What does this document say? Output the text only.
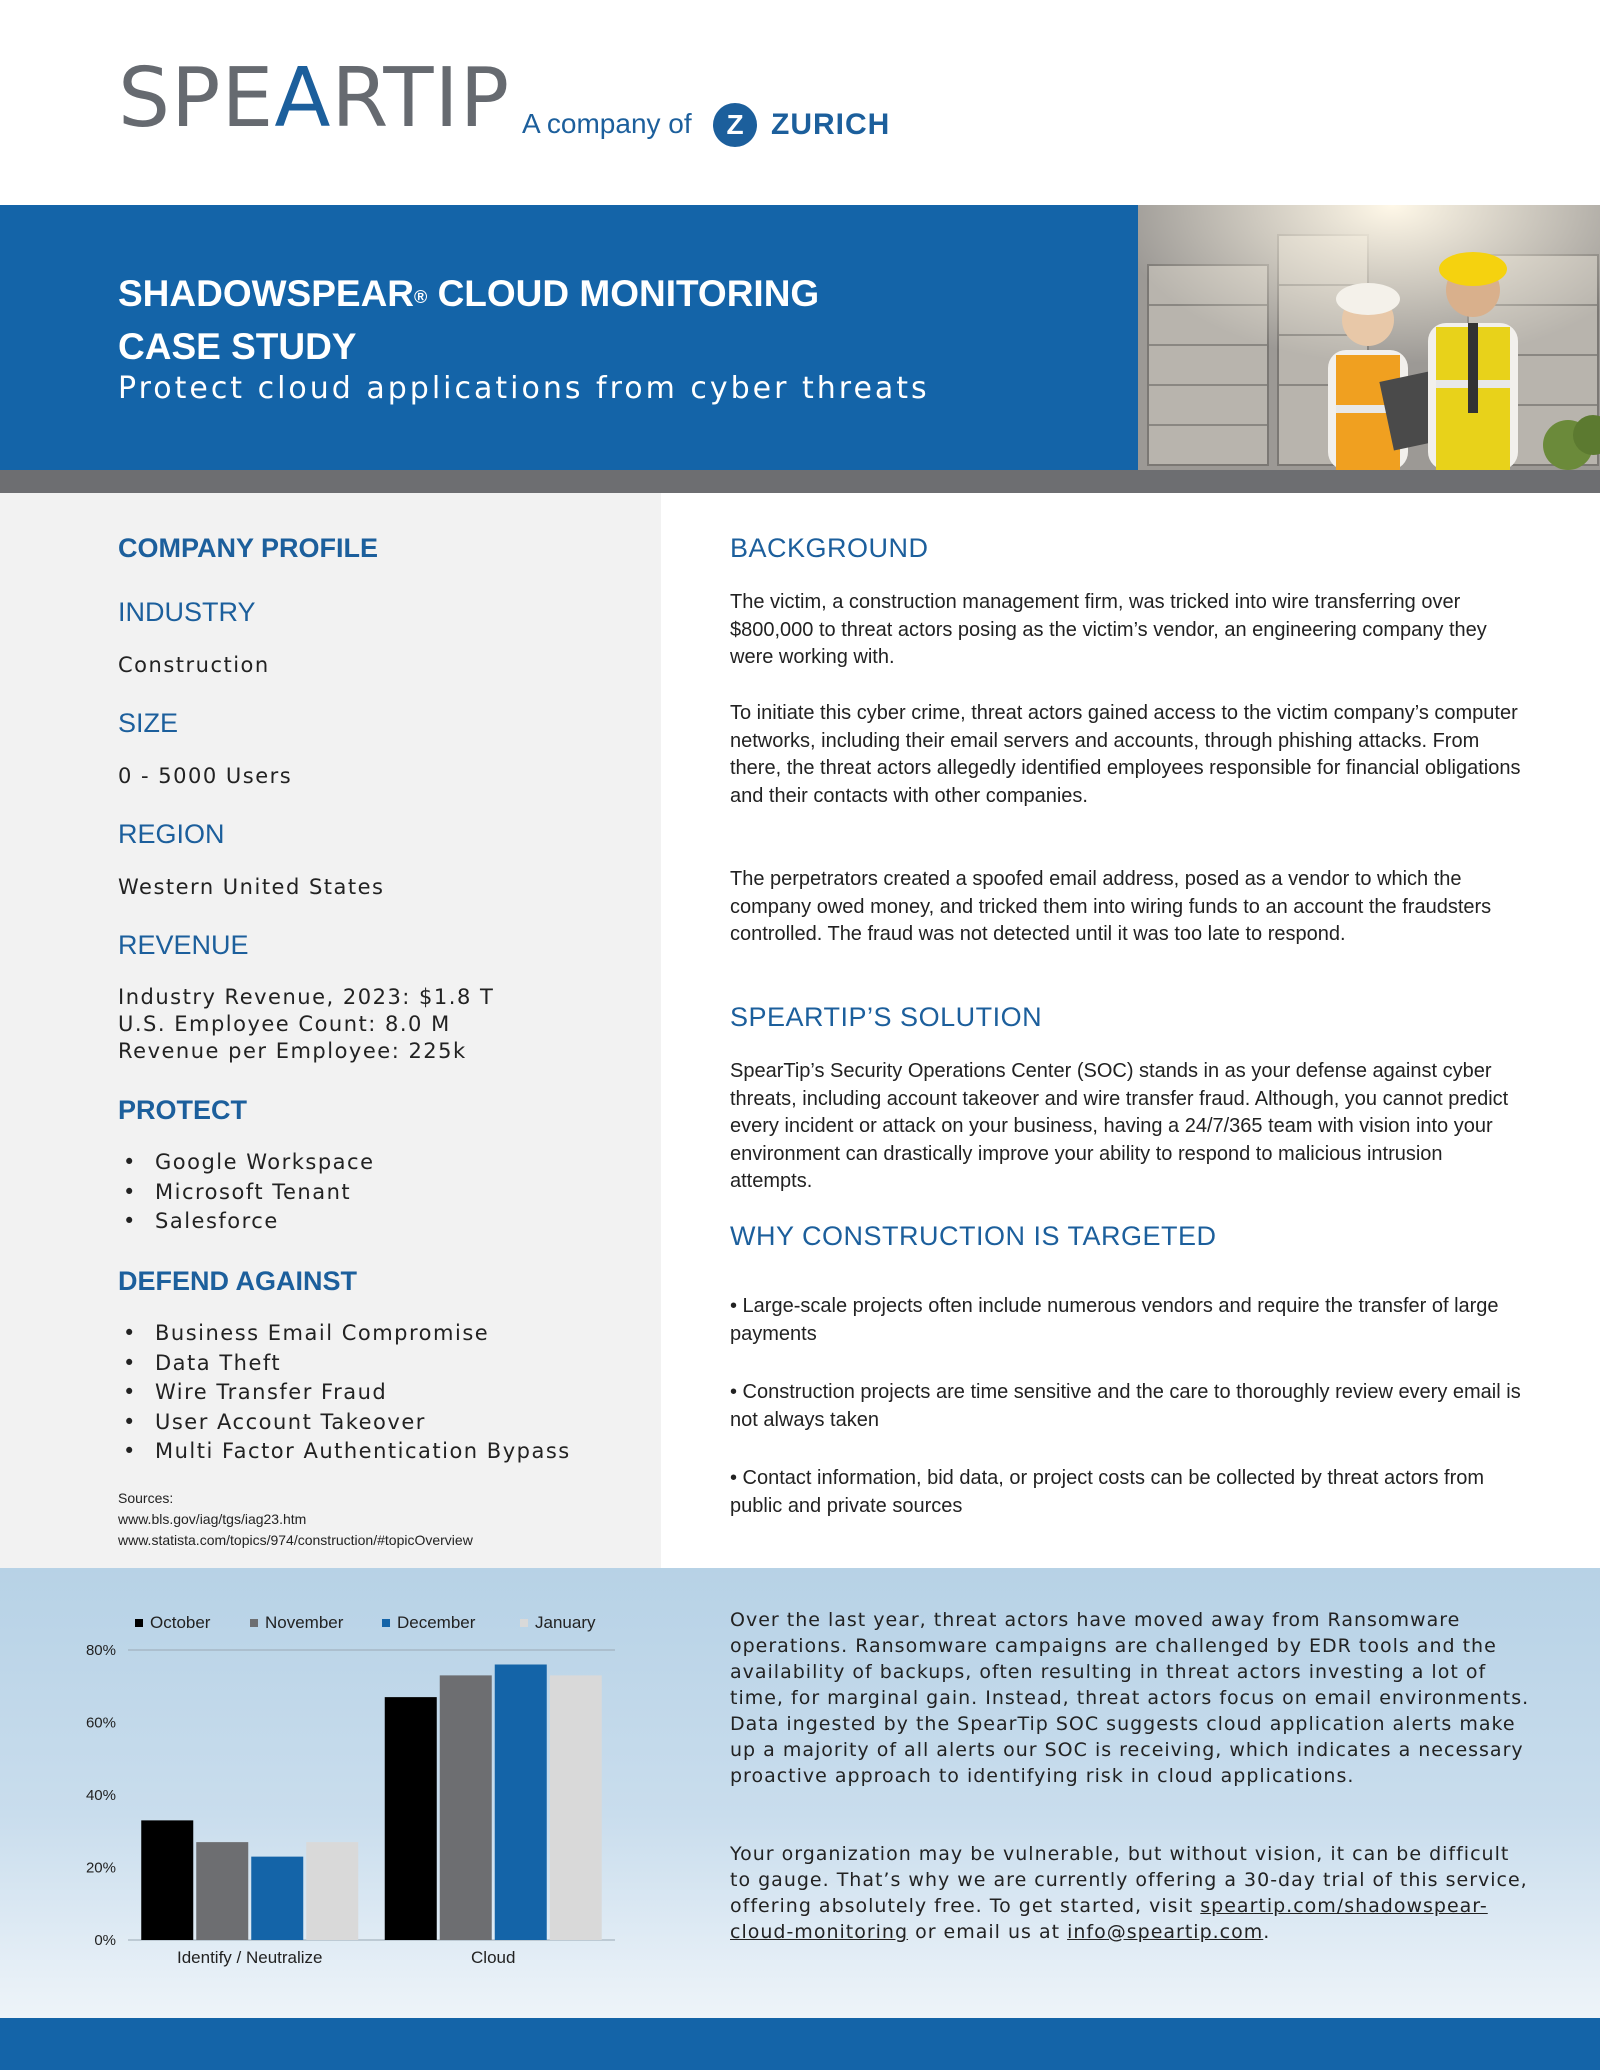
SPEARTIP A company of	Z ZURICH
SHADOWSPEAR® CLOUD MONITORING
CASE STUDY
Protect cloud applications from cyber threats
COMPANY PROFILE
INDUSTRY
Construction
SIZE
0 - 5000 Users
REGION
Western United States
REVENUE
Industry Revenue, 2023: $1.8 T
U.S. Employee Count: 8.0 M
Revenue per Employee: 225k
PROTECT
• Google Workspace
• Microsoft Tenant
• Salesforce
DEFEND AGAINST
• Business Email Compromise
• Data Theft
• Wire Transfer Fraud
• User Account Takeover
• Multi Factor Authentication Bypass
Sources:
www.bls.gov/iag/tgs/iag23.htm
www.statista.com/topics/974/construction/#topicOverview
BACKGROUND
The victim, a construction management firm, was tricked into wire transferring over $800,000 to threat actors posing as the victim’s vendor, an engineering company they were working with.
To initiate this cyber crime, threat actors gained access to the victim company’s computer networks, including their email servers and accounts, through phishing attacks. From there, the threat actors allegedly identified employees responsible for financial obligations and their contacts with other companies.
The perpetrators created a spoofed email address, posed as a vendor to which the company owed money, and tricked them into wiring funds to an account the fraudsters controlled. The fraud was not detected until it was too late to respond.
SPEARTIP’S SOLUTION
SpearTip’s Security Operations Center (SOC) stands in as your defense against cyber threats, including account takeover and wire transfer fraud. Although, you cannot predict every incident or attack on your business, having a 24/7/365 team with vision into your environment can drastically improve your ability to respond to malicious intrusion attempts.
WHY CONSTRUCTION IS TARGETED
• Large-scale projects often include numerous vendors and require the transfer of large payments
• Construction projects are time sensitive and the care to thoroughly review every email is not always taken
• Contact information, bid data, or project costs can be collected by threat actors from public and private sources
0%
20%
40%
60%
80%
Identify / Neutralize	Cloud
October	November	December	January	Over the last year, threat actors have moved away from Ransomware operations. Ransomware campaigns are challenged by EDR tools and the availability of backups, often resulting in threat actors investing a lot of time, for marginal gain. Instead, threat actors focus on email environments. Data ingested by the SpearTip SOC suggests cloud application alerts make up a majority of all alerts our SOC is receiving, which indicates a necessary proactive approach to identifying risk in cloud applications.
Your organization may be vulnerable, but without vision, it can be difficult to gauge. That’s why we are currently offering a 30-day trial of this service, offering absolutely free. To get started, visit speartip.com/shadowspear-cloud-monitoring or email us at info@speartip.com.
